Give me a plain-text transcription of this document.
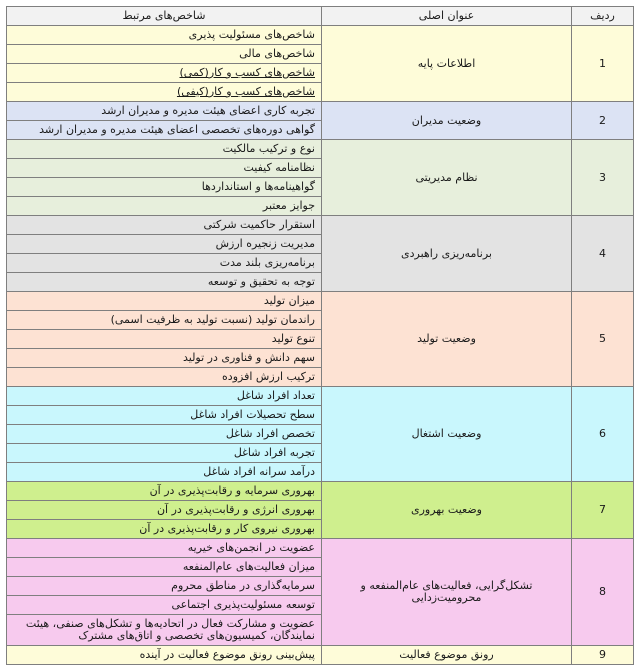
ردیف	عنوان اصلی	شاخص‌های مرتبط
1	اطلاعات پایه	شاخص‌های مسئولیت پذیری
		شاخص‌های مالی
		شاخص‌های کسب و کار(کمی)
		شاخص‌های کسب و کار(کیفی)
2	وضعیت مدیران	تجربه کاری اعضای هیئت مدیره و مدیران ارشد
		گواهی دوره‌های تخصصی اعضای هیئت مدیره و مدیران ارشد
3	نظام مدیریتی	نوع و ترکیب مالکیت
		نظامنامه کیفیت
		گواهینامه‌ها و استانداردها
		جوایز معتبر
4	برنامه‌ریزی راهبردی	استقرار حاکمیت شرکتی
		مدیریت زنجیره ارزش
		برنامه‌ریزی بلند مدت
		توجه به تحقیق و توسعه
5	وضعیت تولید	میزان تولید
		راندمان تولید (نسبت تولید به ظرفیت اسمی)
		تنوع تولید
		سهم دانش و فناوری در تولید
		ترکیب ارزش افزوده
6	وضعیت اشتغال	تعداد افراد شاغل
		سطح تحصیلات افراد شاغل
		تخصص افراد شاغل
		تجربه افراد شاغل
		درآمد سرانه افراد شاغل
7	وضعیت بهروری	بهروری سرمایه و رقابت‌پذیری در آن
		بهروری انرژی و رقابت‌پذیری در آن
		بهروری نیروی کار و رقابت‌پذیری در آن
8	تشکل‌گرایی، فعالیت‌های عام‌المنفعه و محرومیت‌زدایی	عضویت در انجمن‌های خیریه
		میزان فعالیت‌های عام‌المنفعه
		سرمایه‌گذاری در مناطق محروم
		توسعه مسئولیت‌پذیری اجتماعی
		عضویت و مشارکت فعال در اتحادیه‌ها و تشکل‌های صنفی، هیئت نمایندگان، کمیسیون‌های تخصصی و اتاق‌های مشترک
9	رونق موضوع فعالیت	پیش‌بینی رونق موضوع فعالیت در آینده
